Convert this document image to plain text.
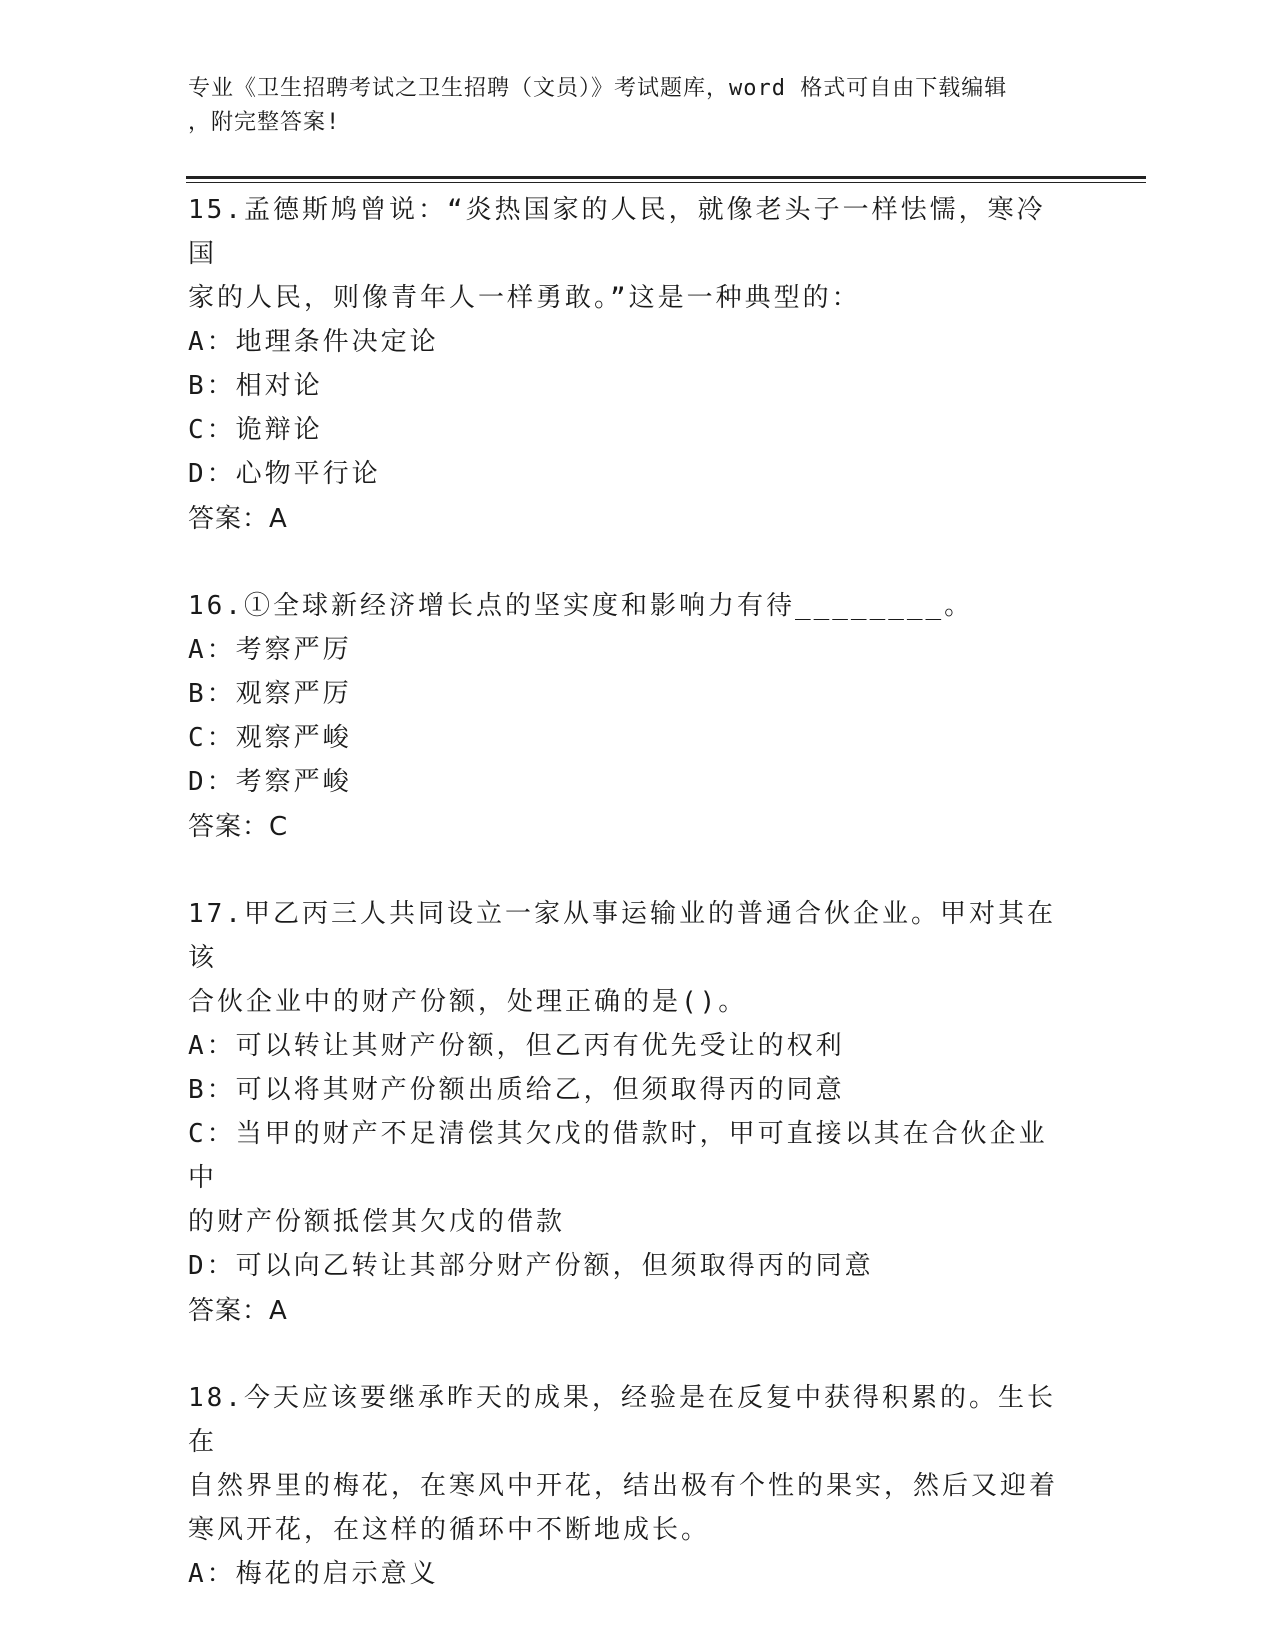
专业《卫生招聘考试之卫生招聘（文员）》考试题库，word 格式可自由下载编辑
，附完整答案!

15.孟德斯鸠曾说：“炎热国家的人民，就像老头子一样怯懦，寒冷国

家的人民，则像青年人一样勇敢。”这是一种典型的：

A：地理条件决定论

B：相对论

C：诡辩论

D：心物平行论

答案：A

16.①全球新经济增长点的坚实度和影响力有待________。

A：考察严厉

B：观察严厉

C：观察严峻

D：考察严峻

答案：C

17.甲乙丙三人共同设立一家从事运输业的普通合伙企业。甲对其在该

合伙企业中的财产份额，处理正确的是()。

A：可以转让其财产份额，但乙丙有优先受让的权利

B：可以将其财产份额出质给乙，但须取得丙的同意

C：当甲的财产不足清偿其欠戊的借款时，甲可直接以其在合伙企业中

的财产份额抵偿其欠戊的借款

D：可以向乙转让其部分财产份额，但须取得丙的同意

答案：A

18.今天应该要继承昨天的成果，经验是在反复中获得积累的。生长在

自然界里的梅花，在寒风中开花，结出极有个性的果实，然后又迎着

寒风开花，在这样的循环中不断地成长。

A：梅花的启示意义
